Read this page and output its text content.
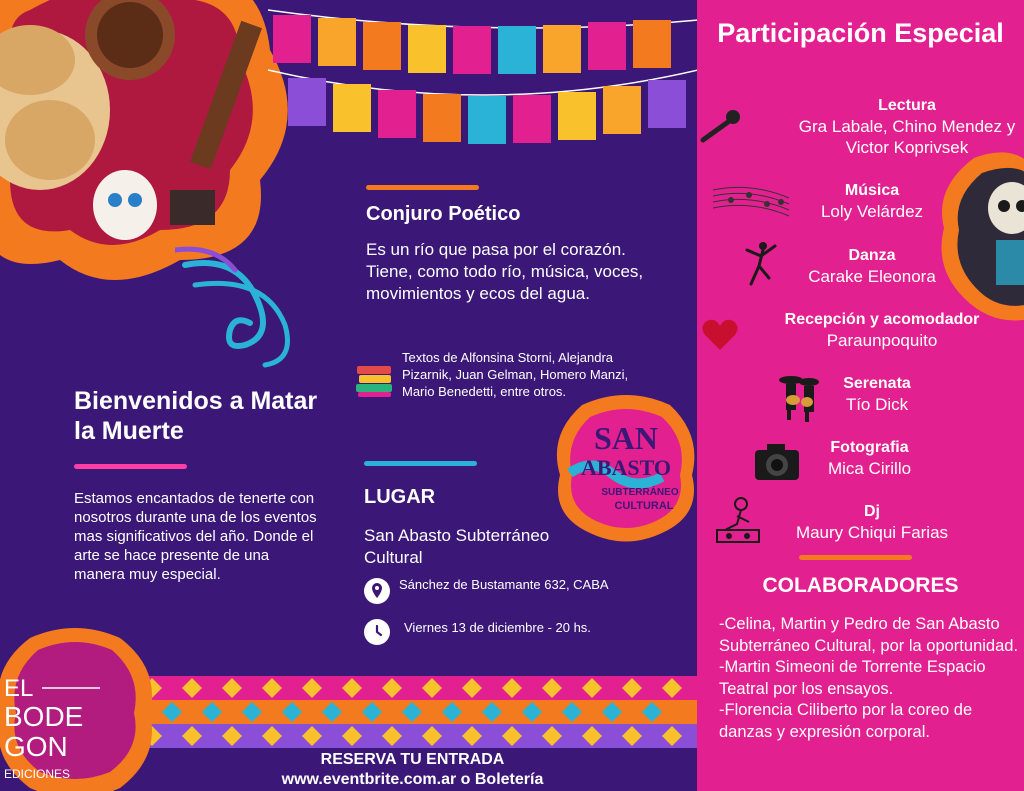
Bienvenidos a Matar la Muerte
Estamos encantados de tenerte con nosotros durante una de los eventos mas significativos del año. Donde el arte se hace presente de una manera muy especial.
Conjuro Poético
Es un río que pasa por el corazón. Tiene, como todo río, música, voces, movimientos y ecos del agua.
Textos de Alfonsina Storni, Alejandra Pizarnik, Juan Gelman, Homero Manzi, Mario Benedetti, entre otros.
LUGAR
San Abasto Subterráneo Cultural
Sánchez de Bustamante 632, CABA
Viernes 13 de diciembre - 20 hs.
SAN
ABASTO
SUBTERRÁNEO
CULTURAL
EL
BODE
GON
EDICIONES
RESERVA TU ENTRADA
www.eventbrite.com.ar o Boletería
Participación Especial
Lectura
Gra Labale, Chino Mendez y Victor Koprivsek
Música
Loly Velárdez
Danza
Carake Eleonora
Recepción y acomodador
Paraunpoquito
Serenata
Tío Dick
Fotografia
Mica Cirillo
Dj
Maury Chiqui Farias
COLABORADORES
-Celina, Martin y Pedro de San Abasto Subterráneo Cultural, por la oportunidad.
-Martin Simeoni de Torrente Espacio Teatral por los ensayos.
-Florencia Ciliberto por la coreo de danzas y expresión corporal.
